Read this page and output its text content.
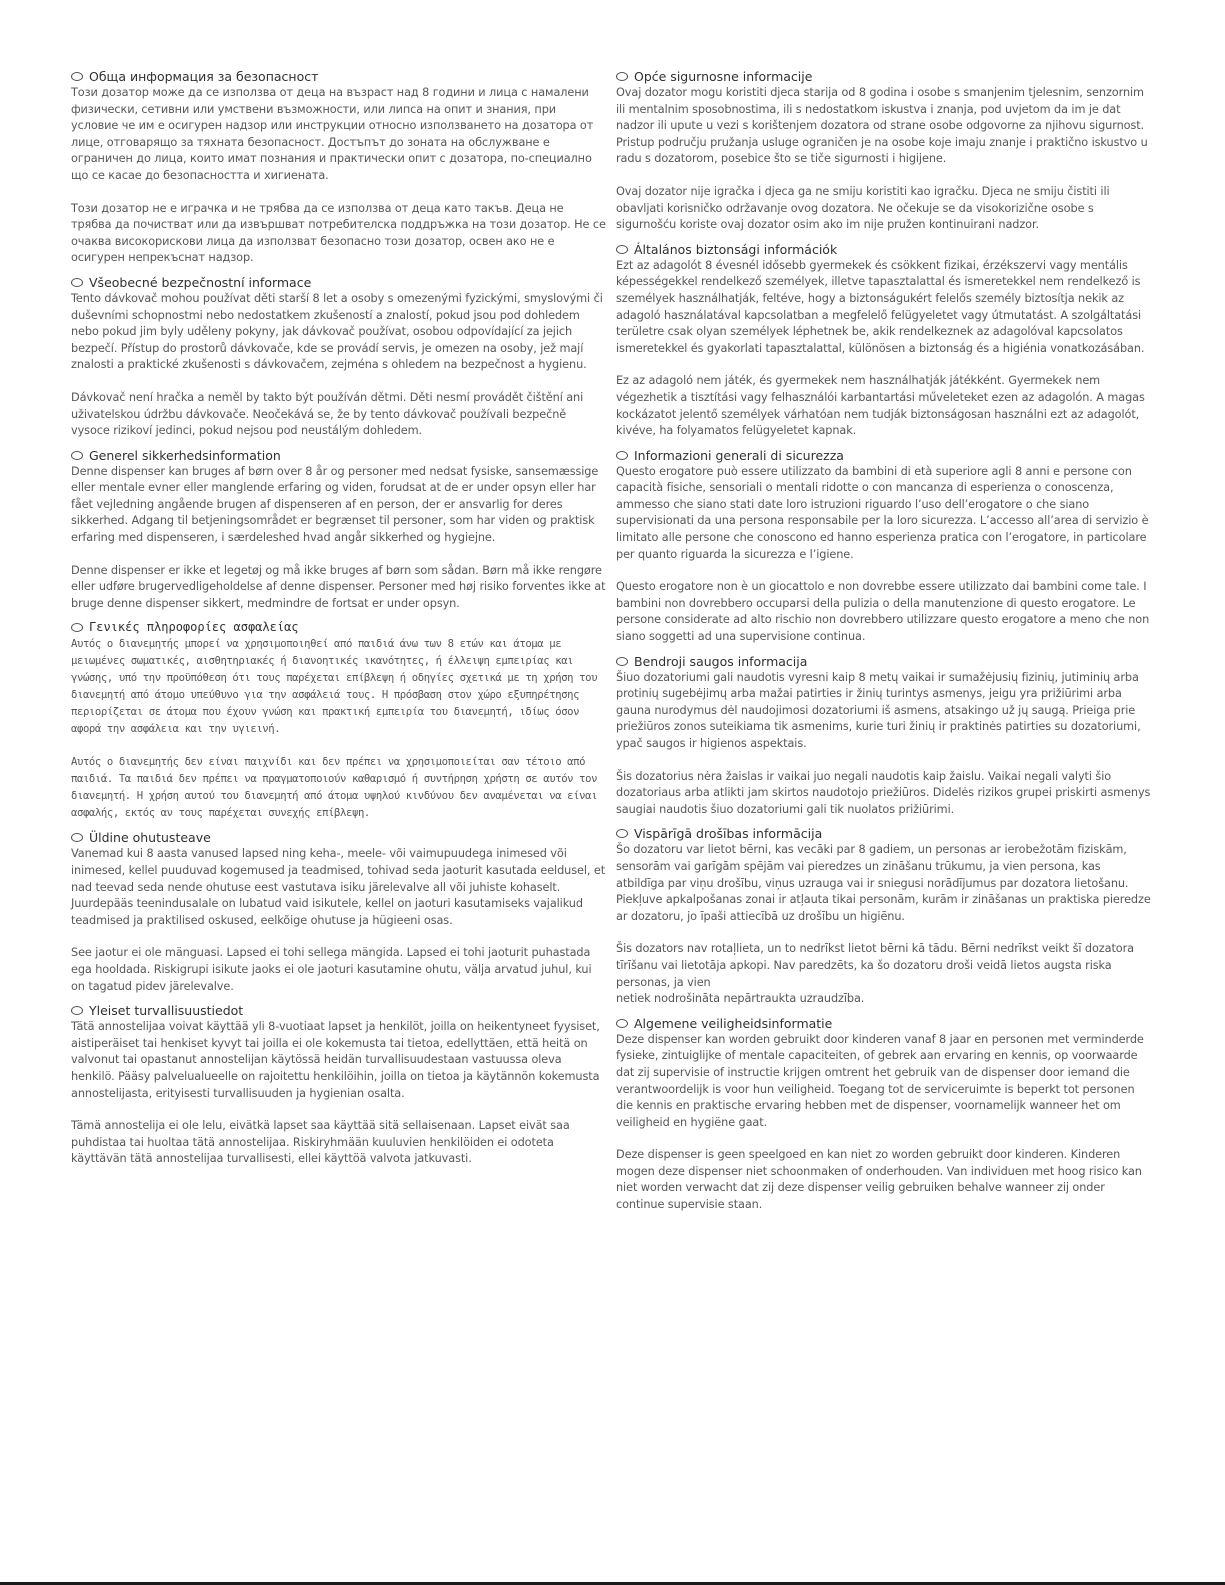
Обща информация за безопасност

Този дозатор може да се използва от деца на възраст над 8 години и лица с намалени физически, сетивни или умствени възможности, или липса на опит и знания, при условие че им е осигурен надзор или инструкции относно използването на дозатора от лице, отговарящо за тяхната безопасност. Достъпът до зоната на обслужване е ограничен до лица, които имат познания и практически опит с дозатора, по-специално що се касае до безопасността и хигиената.

Този дозатор не е играчка и не трябва да се използва от деца като такъв. Деца не трябва да почистват или да извършват потребителска поддръжка на този дозатор. Не се очаква високорискови лица да използват безопасно този дозатор, освен ако не е осигурен непрекъснат надзор.

Všeobecné bezpečnostní informace

Tento dávkovač mohou používat děti starší 8 let a osoby s omezenými fyzickými, smyslovými či duševními schopnostmi nebo nedostatkem zkušeností a znalostí, pokud jsou pod dohledem nebo pokud jim byly uděleny pokyny, jak dávkovač používat, osobou odpovídající za jejich bezpečí. Přístup do prostorů dávkovače, kde se provádí servis, je omezen na osoby, jež mají znalosti a praktické zkušenosti s dávkovačem, zejména s ohledem na bezpečnost a hygienu.

Dávkovač není hračka a neměl by takto být používán dětmi. Děti nesmí provádět čištění ani uživatelskou údržbu dávkovače. Neočekává se, že by tento dávkovač používali bezpečně vysoce rizikoví jedinci, pokud nejsou pod neustálým dohledem.

Generel sikkerhedsinformation

Denne dispenser kan bruges af børn over 8 år og personer med nedsat fysiske, sansemæssige eller mentale evner eller manglende erfaring og viden, forudsat at de er under opsyn eller har fået vejledning angående brugen af dispenseren af en person, der er ansvarlig for deres sikkerhed. Adgang til betjeningsområdet er begrænset til personer, som har viden og praktisk erfaring med dispenseren, i særdeleshed hvad angår sikkerhed og hygiejne.

Denne dispenser er ikke et legetøj og må ikke bruges af børn som sådan. Børn må ikke rengøre eller udføre brugervedligeholdelse af denne dispenser. Personer med høj risiko forventes ikke at bruge denne dispenser sikkert, medmindre de fortsat er under opsyn.

Γενικές πληροφορίες ασφαλείας

Αυτός ο διανεμητής μπορεί να χρησιμοποιηθεί από παιδιά άνω των 8 ετών και άτομα με μειωμένες σωματικές, αισθητηριακές ή διανοητικές ικανότητες, ή έλλειψη εμπειρίας και γνώσης, υπό την προϋπόθεση ότι τους παρέχεται επίβλεψη ή οδηγίες σχετικά με τη χρήση του διανεμητή από άτομο υπεύθυνο για την ασφάλειά τους. Η πρόσβαση στον χώρο εξυπηρέτησης περιορίζεται σε άτομα που έχουν γνώση και πρακτική εμπειρία του διανεμητή, ιδίως όσον αφορά την ασφάλεια και την υγιεινή.

Αυτός ο διανεμητής δεν είναι παιχνίδι και δεν πρέπει να χρησιμοποιείται σαν τέτοιο από παιδιά. Τα παιδιά δεν πρέπει να πραγματοποιούν καθαρισμό ή συντήρηση χρήστη σε αυτόν τον διανεμητή. Η χρήση αυτού του διανεμητή από άτομα υψηλού κινδύνου δεν αναμένεται να είναι ασφαλής, εκτός αν τους παρέχεται συνεχής επίβλεψη.

Üldine ohutusteave

Vanemad kui 8 aasta vanused lapsed ning keha-, meele- või vaimupuudega inimesed või inimesed, kellel puuduvad kogemused ja teadmised, tohivad seda jaoturit kasutada eeldusel, et nad teevad seda nende ohutuse eest vastutava isiku järelevalve all või juhiste kohaselt. Juurdepääs teenindusalale on lubatud vaid isikutele, kellel on jaoturi kasutamiseks vajalikud teadmised ja praktilised oskused, eelkõige ohutuse ja hügieeni osas.

See jaotur ei ole mänguasi. Lapsed ei tohi sellega mängida. Lapsed ei tohi jaoturit puhastada ega hooldada. Riskigrupi isikute jaoks ei ole jaoturi kasutamine ohutu, välja arvatud juhul, kui on tagatud pidev järelevalve.

Yleiset turvallisuustiedot

Tätä annostelijaa voivat käyttää yli 8-vuotiaat lapset ja henkilöt, joilla on heikentyneet fyysiset, aistiperäiset tai henkiset kyvyt tai joilla ei ole kokemusta tai tietoa, edellyttäen, että heitä on valvonut tai opastanut annostelijan käytössä heidän turvallisuudestaan vastuussa oleva henkilö. Pääsy palvelualueelle on rajoitettu henkilöihin, joilla on tietoa ja käytännön kokemusta annostelijasta, erityisesti turvallisuuden ja hygienian osalta.

Tämä annostelija ei ole lelu, eivätkä lapset saa käyttää sitä sellaisenaan. Lapset eivät saa puhdistaa tai huoltaa tätä annostelijaa. Riskiryhmään kuuluvien henkilöiden ei odoteta käyttävän tätä annostelijaa turvallisesti, ellei käyttöä valvota jatkuvasti.

Opće sigurnosne informacije

Ovaj dozator mogu koristiti djeca starija od 8 godina i osobe s smanjenim tjelesnim, senzornim ili mentalnim sposobnostima, ili s nedostatkom iskustva i znanja, pod uvjetom da im je dat nadzor ili upute u vezi s korištenjem dozatora od strane osobe odgovorne za njihovu sigurnost. Pristup području pružanja usluge ograničen je na osobe koje imaju znanje i praktično iskustvo u radu s dozatorom, posebice što se tiče sigurnosti i higijene.

Ovaj dozator nije igračka i djeca ga ne smiju koristiti kao igračku. Djeca ne smiju čistiti ili obavljati korisničko održavanje ovog dozatora. Ne očekuje se da visokorizične osobe s sigurnošću koriste ovaj dozator osim ako im nije pružen kontinuirani nadzor.

Általános biztonsági információk

Ezt az adagolót 8 évesnél idősebb gyermekek és csökkent fizikai, érzékszervi vagy mentális képességekkel rendelkező személyek, illetve tapasztalattal és ismeretekkel nem rendelkező is személyek használhatják, feltéve, hogy a biztonságukért felelős személy biztosítja nekik az adagoló használatával kapcsolatban a megfelelő felügyeletet vagy útmutatást. A szolgáltatási területre csak olyan személyek léphetnek be, akik rendelkeznek az adagolóval kapcsolatos ismeretekkel és gyakorlati tapasztalattal, különösen a biztonság és a higiénia vonatkozásában.

Ez az adagoló nem játék, és gyermekek nem használhatják játékként. Gyermekek nem végezhetik a tisztítási vagy felhasználói karbantartási műveleteket ezen az adagolón. A magas kockázatot jelentő személyek várhatóan nem tudják biztonságosan használni ezt az adagolót, kivéve, ha folyamatos felügyeletet kapnak.

Informazioni generali di sicurezza

Questo erogatore può essere utilizzato da bambini di età superiore agli 8 anni e persone con capacità fisiche, sensoriali o mentali ridotte o con mancanza di esperienza o conoscenza, ammesso che siano stati date loro istruzioni riguardo l’uso dell’erogatore o che siano supervisionati da una persona responsabile per la loro sicurezza. L’accesso all’area di servizio è limitato alle persone che conoscono ed hanno esperienza pratica con l’erogatore, in particolare per quanto riguarda la sicurezza e l’igiene.

Questo erogatore non è un giocattolo e non dovrebbe essere utilizzato dai bambini come tale. I bambini non dovrebbero occuparsi della pulizia o della manutenzione di questo erogatore. Le persone considerate ad alto rischio non dovrebbero utilizzare questo erogatore a meno che non siano soggetti ad una supervisione continua.

Bendroji saugos informacija

Šiuo dozatoriumi gali naudotis vyresni kaip 8 metų vaikai ir sumažėjusių fizinių, jutiminių arba protinių sugebėjimų arba mažai patirties ir žinių turintys asmenys, jeigu yra prižiūrimi arba gauna nurodymus dėl naudojimosi dozatoriumi iš asmens, atsakingo už jų saugą. Prieiga prie priežiūros zonos suteikiama tik asmenims, kurie turi žinių ir praktinės patirties su dozatoriumi, ypač saugos ir higienos aspektais.

Šis dozatorius nėra žaislas ir vaikai juo negali naudotis kaip žaislu. Vaikai negali valyti šio dozatoriaus arba atlikti jam skirtos naudotojo priežiūros. Didelės rizikos grupei priskirti asmenys saugiai naudotis šiuo dozatoriumi gali tik nuolatos prižiūrimi.

Vispārīgā drošības informācija

Šo dozatoru var lietot bērni, kas vecāki par 8 gadiem, un personas ar ierobežotām fiziskām, sensorām vai garīgām spējām vai pieredzes un zināšanu trūkumu, ja vien persona, kas atbildīga par viņu drošību, viņus uzrauga vai ir sniegusi norādījumus par dozatora lietošanu. Piekļuve apkalpošanas zonai ir atļauta tikai personām, kurām ir zināšanas un praktiska pieredze ar dozatoru, jo īpaši attiecībā uz drošību un higiēnu.

Šis dozators nav rotaļlieta, un to nedrīkst lietot bērni kā tādu. Bērni nedrīkst veikt šī dozatora tīrīšanu vai lietotāja apkopi. Nav paredzēts, ka šo dozatoru droši veidā lietos augsta riska personas, ja vien
netiek nodrošināta nepārtraukta uzraudzība.

Algemene veiligheidsinformatie

Deze dispenser kan worden gebruikt door kinderen vanaf 8 jaar en personen met verminderde fysieke, zintuiglijke of mentale capaciteiten, of gebrek aan ervaring en kennis, op voorwaarde dat zij supervisie of instructie krijgen omtrent het gebruik van de dispenser door iemand die verantwoordelijk is voor hun veiligheid. Toegang tot de serviceruimte is beperkt tot personen die kennis en praktische ervaring hebben met de dispenser, voornamelijk wanneer het om veiligheid en hygiëne gaat.

Deze dispenser is geen speelgoed en kan niet zo worden gebruikt door kinderen. Kinderen mogen deze dispenser niet schoonmaken of onderhouden. Van individuen met hoog risico kan niet worden verwacht dat zij deze dispenser veilig gebruiken behalve wanneer zij onder continue supervisie staan.
